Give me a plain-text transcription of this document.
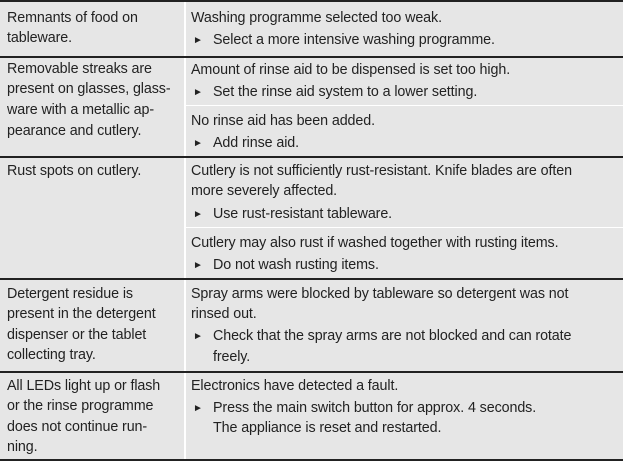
Remnants of food on
tableware.
Washing programme selected too weak.
► Select a more intensive washing programme.
Removable streaks are
present on glasses, glass-
ware with a metallic ap-
pearance and cutlery.
Amount of rinse aid to be dispensed is set too high.
► Set the rinse aid system to a lower setting.
No rinse aid has been added.
► Add rinse aid.
Rust spots on cutlery.	Cutlery is not sufficiently rust-resistant. Knife blades are often
more severely affected.
► Use rust-resistant tableware.
Cutlery may also rust if washed together with rusting items.
► Do not wash rusting items.
Detergent residue is
present in the detergent
dispenser or the tablet
collecting tray.
Spray arms were blocked by tableware so detergent was not
rinsed out.
► Check that the spray arms are not blocked and can rotate
freely.
All LEDs light up or flash
or the rinse programme
does not continue run-
ning.
Electronics have detected a fault.
► Press the main switch button for approx. 4 seconds.
The appliance is reset and restarted.
